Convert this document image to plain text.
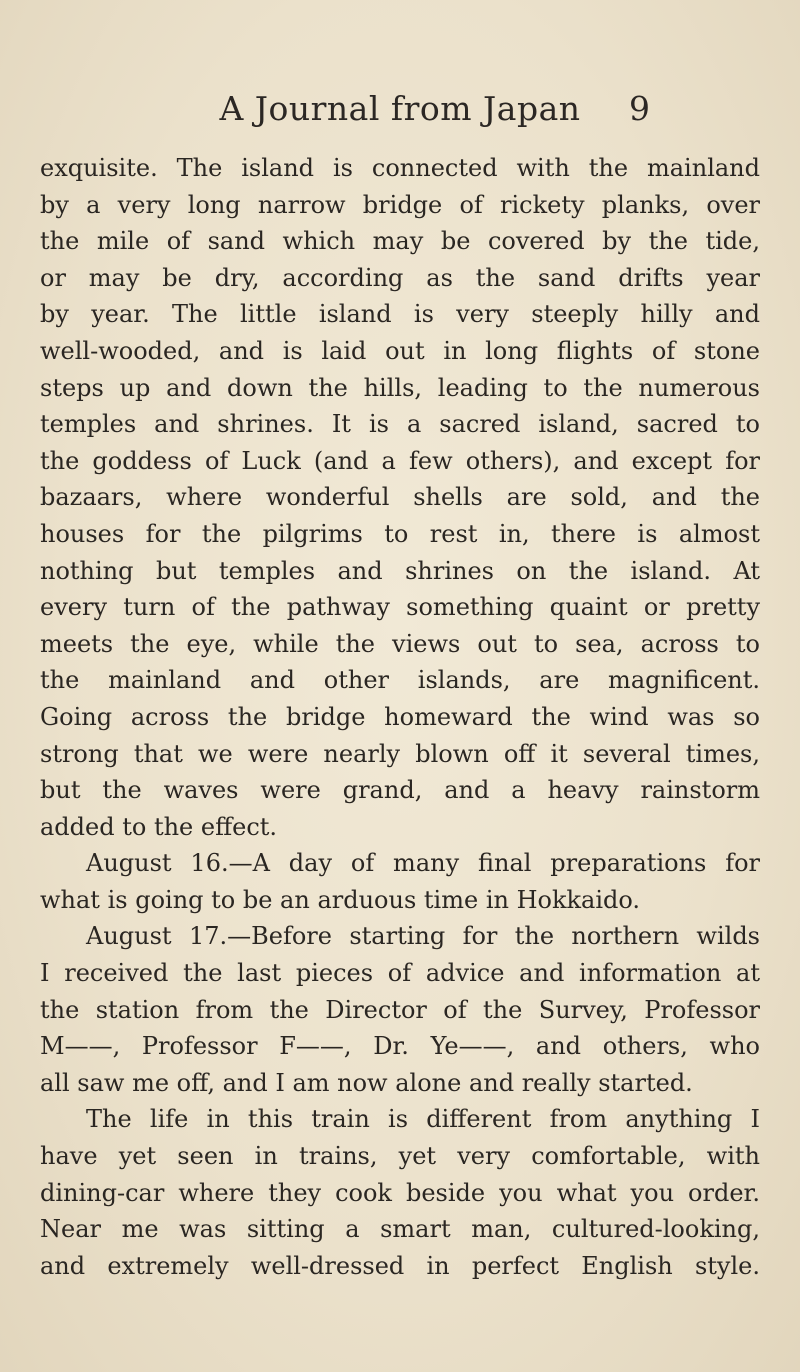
A Journal from Japan	9
exquisite. The island is connected with the mainland
by a very long narrow bridge of rickety planks, over
the mile of sand which may be covered by the tide,
or may be dry, according as the sand drifts year
by year. The little island is very steeply hilly and
well-wooded, and is laid out in long flights of stone
steps up and down the hills, leading to the numerous
temples and shrines. It is a sacred island, sacred to
the goddess of Luck (and a few others), and except for
bazaars, where wonderful shells are sold, and the
houses for the pilgrims to rest in, there is almost
nothing but temples and shrines on the island. At
every turn of the pathway something quaint or pretty
meets the eye, while the views out to sea, across to
the mainland and other islands, are magnificent.
Going across the bridge homeward the wind was so
strong that we were nearly blown off it several times,
but the waves were grand, and a heavy rainstorm
added to the effect.
August 16.—A day of many final preparations for
what is going to be an arduous time in Hokkaido.
August 17.—Before starting for the northern wilds
I received the last pieces of advice and information at
the station from the Director of the Survey, Professor
M——, Professor F——, Dr. Ye——, and others, who
all saw me off, and I am now alone and really started.
The life in this train is different from anything I
have yet seen in trains, yet very comfortable, with
dining-car where they cook beside you what you order.
Near me was sitting a smart man, cultured-looking,
and extremely well-dressed in perfect English style.
